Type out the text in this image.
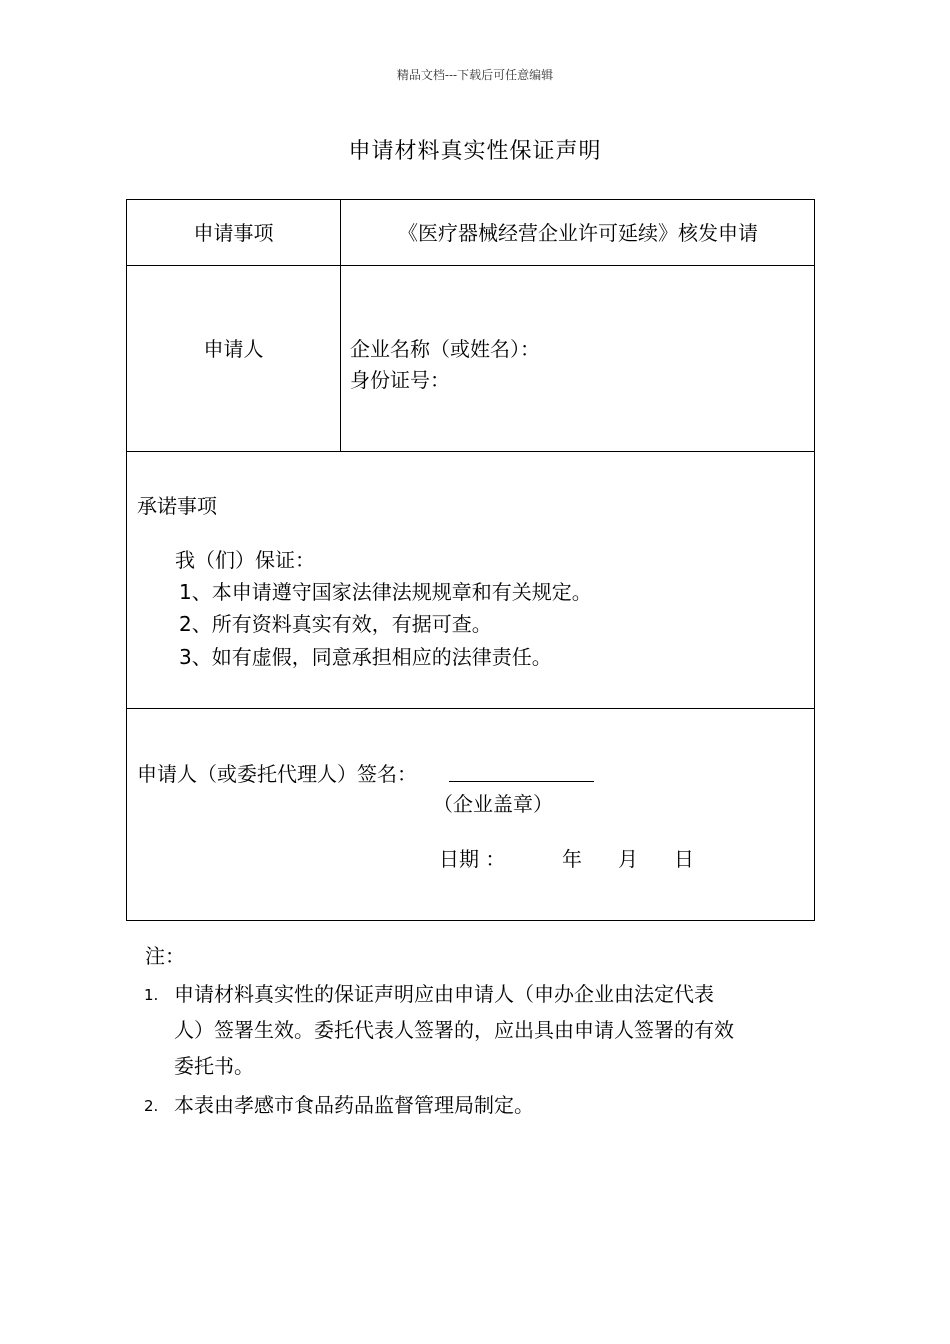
精品文档---下载后可任意编辑
申请材料真实性保证声明
申请事项	《医疗器械经营企业许可延续》核发申请
申请人	企业名称（或姓名）：
身份证号：
承诺事项
我（们）保证：
1、本申请遵守国家法律法规规章和有关规定。
2、所有资料真实有效，有据可查。
3、如有虚假，同意承担相应的法律责任。
申请人（或委托代理人）签名：
（企业盖章）
日期 ：	年 月 日
注：
1. 申请材料真实性的保证声明应由申请人（申办企业由法定代表
人）签署生效。委托代表人签署的，应出具由申请人签署的有效
委托书。
2. 本表由孝感市食品药品监督管理局制定。
